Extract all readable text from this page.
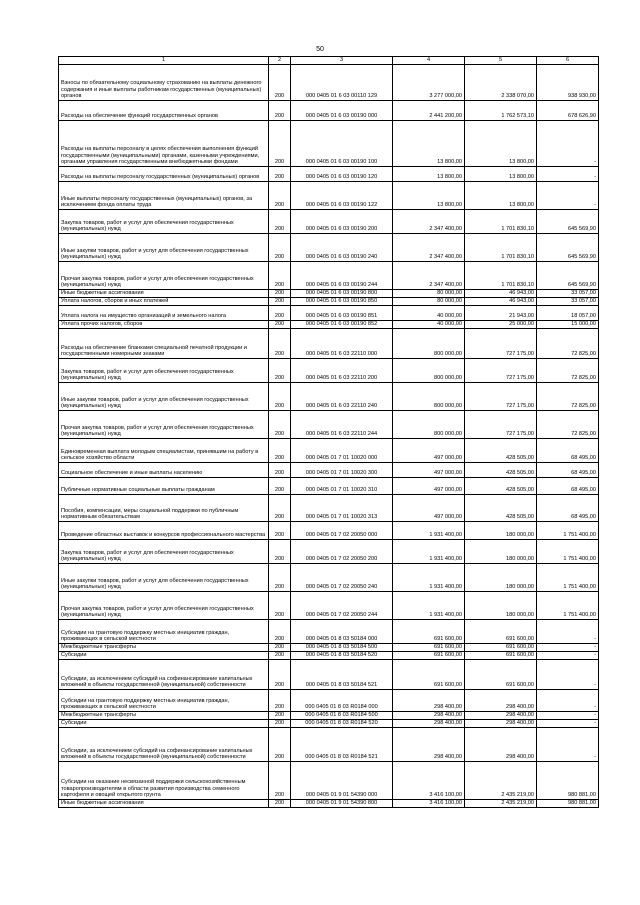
50
1	2	3	4	5	6
Взносы по обязательному социальному страхованию на выплаты денежного содержания и иные выплаты работникам государственных (муниципальных) органов	200	000 0405 01 6 03 00110 129	3 277 000,00	2 338 070,00	938 930,00
Расходы на обеспечение функций государственных органов	200	000 0405 01 6 03 00190 000	2 441 200,00	1 762 573,10	678 626,90
Расходы на выплаты персоналу в целях обеспечения выполнения функций государственными (муниципальными) органами, казенными учреждениями, органами управления государственными внебюджетными фондами	200	000 0405 01 6 03 00190 100	13 800,00	13 800,00	-
Расходы на выплаты персоналу государственных (муниципальных) органов	200	000 0405 01 6 03 00190 120	13 800,00	13 800,00	-
Иные выплаты персоналу государственных (муниципальных) органов, за исключением фонда оплаты труда	200	000 0405 01 6 03 00190 122	13 800,00	13 800,00	-
Закупка товаров, работ и услуг для обеспечения государственных (муниципальных) нужд	200	000 0405 01 6 03 00190 200	2 347 400,00	1 701 830,10	645 569,90
Иные закупки товаров, работ и услуг для обеспечения государственных (муниципальных) нужд	200	000 0405 01 6 03 00190 240	2 347 400,00	1 701 830,10	645 569,90
Прочая закупка товаров, работ и услуг для обеспечения государственных (муниципальных) нужд	200	000 0405 01 6 03 00190 244	2 347 400,00	1 701 830,10	645 569,90
Иные бюджетные ассигнования	200	000 0405 01 6 03 00190 800	80 000,00	46 943,00	33 057,00
Уплата налогов, сборов и иных платежей	200	000 0405 01 6 03 00190 850	80 000,00	46 943,00	33 057,00
Уплата налога на имущество организаций и земельного налога	200	000 0405 01 6 03 00190 851	40 000,00	21 943,00	18 057,00
Уплата прочих налогов, сборов	200	000 0405 01 6 03 00190 852	40 000,00	25 000,00	15 000,00
Расходы на обеспечение бланками специальной печатной продукции и государственными номерными знаками	200	000 0405 01 6 03 22110 000	800 000,00	727 175,00	72 825,00
Закупка товаров, работ и услуг для обеспечения государственных (муниципальных) нужд	200	000 0405 01 6 03 22110 200	800 000,00	727 175,00	72 825,00
Иные закупки товаров, работ и услуг для обеспечения государственных (муниципальных) нужд	200	000 0405 01 6 03 22110 240	800 000,00	727 175,00	72 825,00
Прочая закупка товаров, работ и услуг для обеспечения государственных (муниципальных) нужд	200	000 0405 01 6 03 22110 244	800 000,00	727 175,00	72 825,00
Единовременная выплата молодым специалистам, принявшим на работу в сельское хозяйство области	200	000 0405 01 7 01 10020 000	497 000,00	428 505,00	68 495,00
Социальное обеспечение и иные выплаты населению	200	000 0405 01 7 01 10020 300	497 000,00	428 505,00	68 495,00
Публичные нормативные социальные выплаты гражданам	200	000 0405 01 7 01 10020 310	497 000,00	428 505,00	68 495,00
Пособия, компенсации, меры социальной поддержки по публичным нормативным обязательствам	200	000 0405 01 7 01 10020 313	497 000,00	428 505,00	68 495,00
Проведение областных выставок и конкурсов профессионального мастерства	200	000 0405 01 7 02 20050 000	1 931 400,00	180 000,00	1 751 400,00
Закупка товаров, работ и услуг для обеспечения государственных (муниципальных) нужд	200	000 0405 01 7 02 20050 200	1 931 400,00	180 000,00	1 751 400,00
Иные закупки товаров, работ и услуг для обеспечения государственных (муниципальных) нужд	200	000 0405 01 7 02 20050 240	1 931 400,00	180 000,00	1 751 400,00
Прочая закупка товаров, работ и услуг для обеспечения государственных (муниципальных) нужд	200	000 0405 01 7 02 20050 244	1 931 400,00	180 000,00	1 751 400,00
Субсидии на грантовую поддержку местных инициатив граждан, проживающих в сельской местности	200	000 0405 01 8 03 50184 000	691 600,00	691 600,00	-
Межбюджетные трансферты	200	000 0405 01 8 03 50184 500	691 600,00	691 600,00	-
Субсидии	200	000 0405 01 8 03 50184 520	691 600,00	691 600,00	-
Субсидии, за исключением субсидий на софинансирование капитальных вложений в объекты государственной (муниципальной) собственности	200	000 0405 01 8 03 50184 521	691 600,00	691 600,00	-
Субсидии на грантовую поддержку местных инициатив граждан, проживающих в сельской местности	200	000 0405 01 8 03 R0184 000	298 400,00	298 400,00	-
Межбюджетные трансферты	200	000 0405 01 8 03 R0184 500	298 400,00	298 400,00	-
Субсидии	200	000 0405 01 8 03 R0184 520	298 400,00	298 400,00	-
Субсидии, за исключением субсидий на софинансирование капитальных вложений в объекты государственной (муниципальной) собственности	200	000 0405 01 8 03 R0184 521	298 400,00	298 400,00	-
Субсидии на оказание несвязанной поддержки сельскохозяйственным товаропроизводителям в области развития производства семенного картофеля и овощей открытого грунта	200	000 0405 01 9 01 54390 000	3 416 100,00	2 435 219,00	980 881,00
Иные бюджетные ассигнования	200	000 0405 01 9 01 54390 800	3 416 100,00	2 435 219,00	980 881,00
